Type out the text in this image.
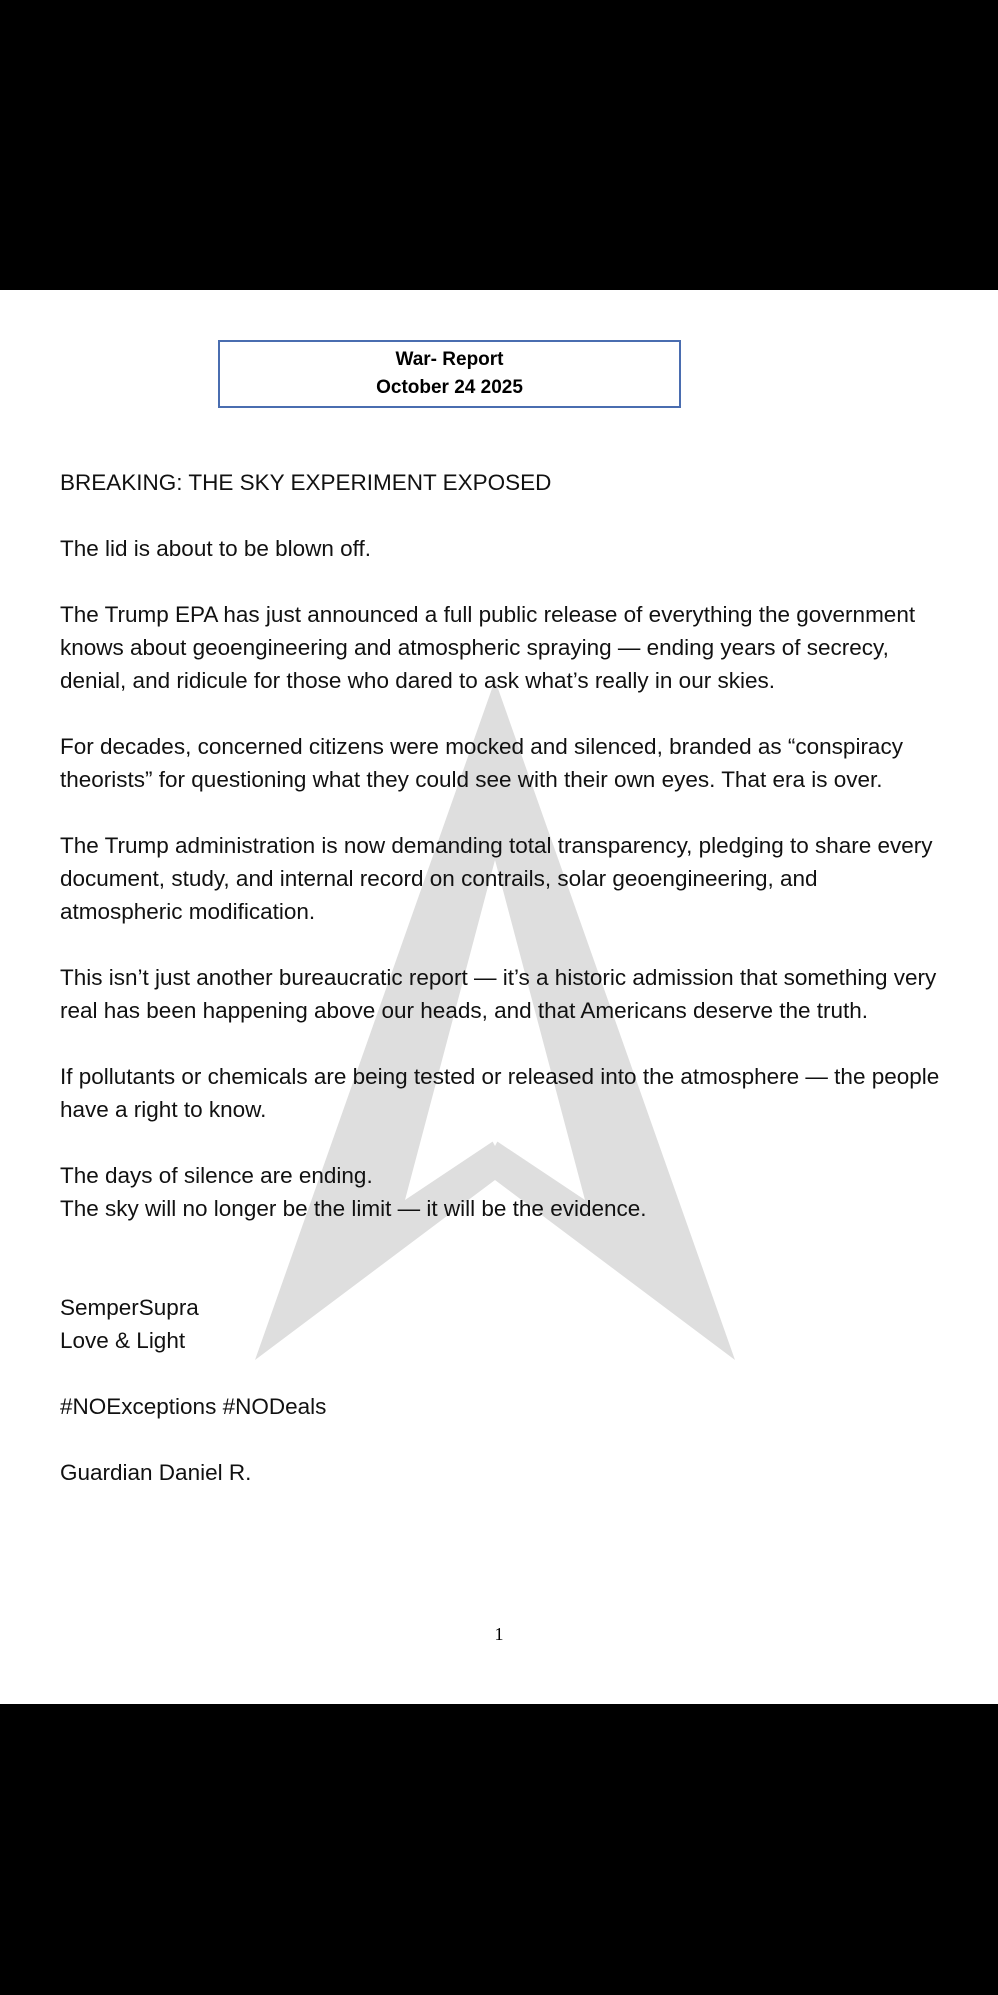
War- Report
October 24 2025

BREAKING: THE SKY EXPERIMENT EXPOSED

The lid is about to be blown off.

The Trump EPA has just announced a full public release of everything the government knows about geoengineering and atmospheric spraying — ending years of secrecy, denial, and ridicule for those who dared to ask what’s really in our skies.

For decades, concerned citizens were mocked and silenced, branded as “conspiracy theorists” for questioning what they could see with their own eyes. That era is over.

The Trump administration is now demanding total transparency, pledging to share every document, study, and internal record on contrails, solar geoengineering, and atmospheric modification.

This isn’t just another bureaucratic report — it’s a historic admission that something very real has been happening above our heads, and that Americans deserve the truth.

If pollutants or chemicals are being tested or released into the atmosphere — the people have a right to know.

The days of silence are ending.

The sky will no longer be the limit — it will be the evidence.

SemperSupra

Love & Light

#NOExceptions #NODeals

Guardian Daniel R.

1
